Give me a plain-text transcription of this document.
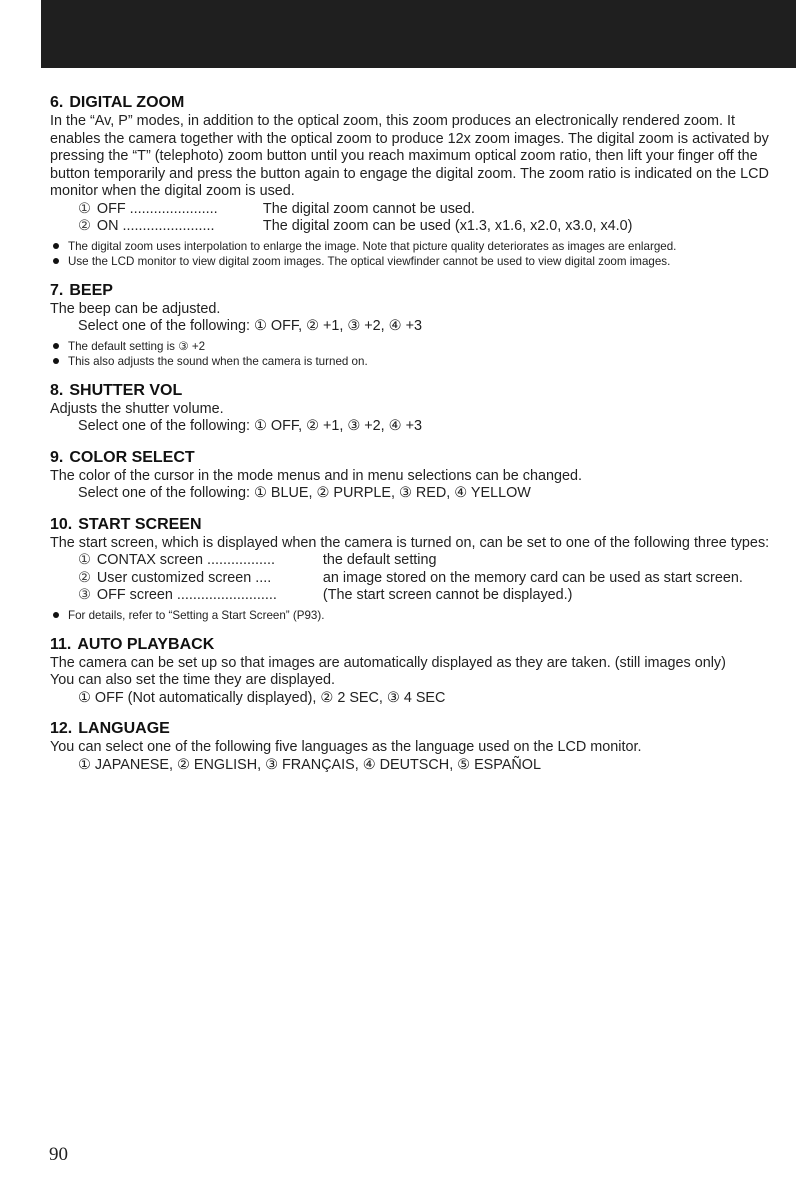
6. DIGITAL ZOOM

In the “Av, P” modes, in addition to the optical zoom, this zoom produces an electronically rendered zoom. It enables the camera together with the optical zoom to produce 12x zoom images. The digital zoom is activated by pressing the “T” (telephoto) zoom button until you reach maximum optical zoom ratio, then lift your finger off the button temporarily and press the button again to engage the digital zoom. The zoom ratio is indicated on the LCD monitor when the digital zoom is used.

① OFF ......................	The digital zoom cannot be used.
② ON .......................	The digital zoom can be used (x1.3, x1.6, x2.0, x3.0, x4.0)
The digital zoom uses interpolation to enlarge the image. Note that picture quality deteriorates as images are enlarged.
Use the LCD monitor to view digital zoom images. The optical viewfinder cannot be used to view digital zoom images.
7. BEEP

The beep can be adjusted.

Select one of the following: ① OFF, ② +1, ③ +2, ④ +3

The default setting is ③ +2
This also adjusts the sound when the camera is turned on.
8. SHUTTER VOL

Adjusts the shutter volume.

Select one of the following: ① OFF, ② +1, ③ +2, ④ +3

9. COLOR SELECT

The color of the cursor in the mode menus and in menu selections can be changed.

Select one of the following: ① BLUE, ② PURPLE, ③ RED, ④ YELLOW

10. START SCREEN

The start screen, which is displayed when the camera is turned on, can be set to one of the following three types:

① CONTAX screen .................	the default setting
② User customized screen ....	an image stored on the memory card can be used as start screen.
③ OFF screen .........................	(The start screen cannot be displayed.)
For details, refer to “Setting a Start Screen” (P93).
11. AUTO PLAYBACK

The camera can be set up so that images are automatically displayed as they are taken. (still images only)

You can also set the time they are displayed.

① OFF (Not automatically displayed), ② 2 SEC, ③ 4 SEC

12. LANGUAGE

You can select one of the following five languages as the language used on the LCD monitor.

① JAPANESE, ② ENGLISH, ③ FRANÇAIS, ④ DEUTSCH, ⑤ ESPAÑOL

90
